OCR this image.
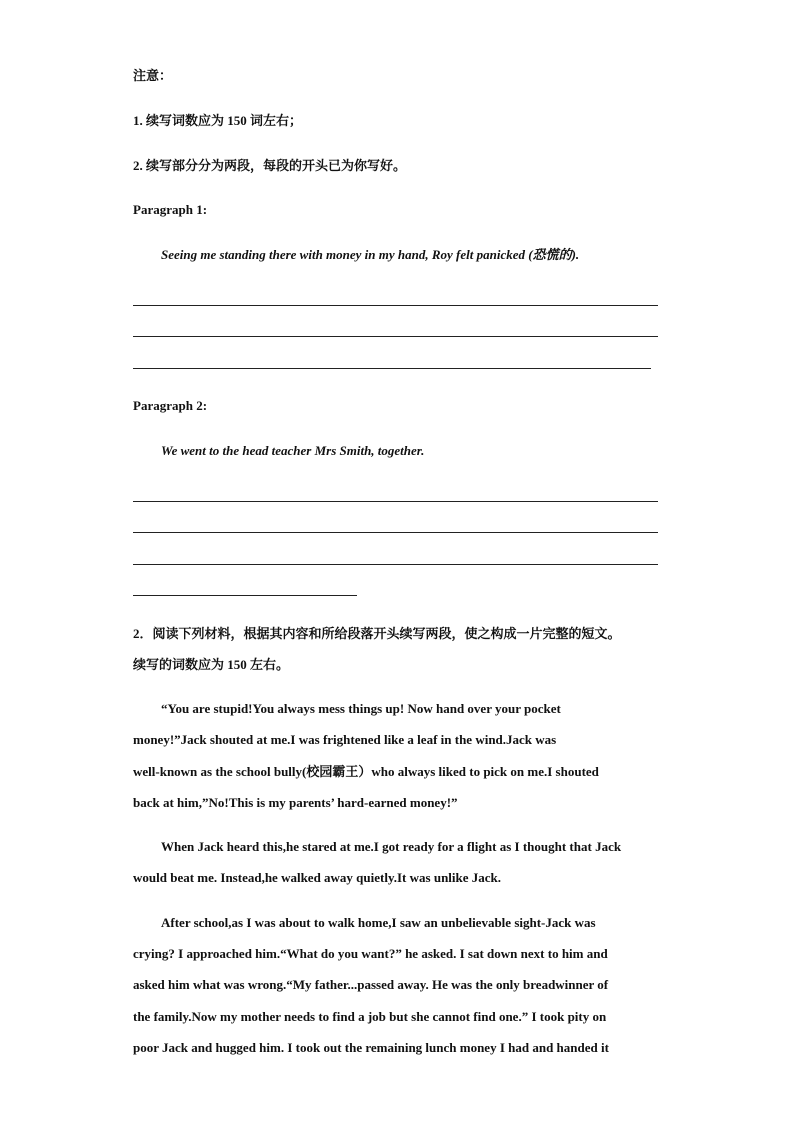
注意：
1. 续写词数应为 150 词左右；
2. 续写部分分为两段，每段的开头已为你写好。
Paragraph 1:
Seeing me standing there with money in my hand, Roy felt panicked (恐慌的).
Paragraph 2:
We went to the head teacher Mrs Smith, together.
2．阅读下列材料，根据其内容和所给段落开头续写两段，使之构成一片完整的短文。
续写的词数应为 150 左右。
“You are stupid!You always mess things up! Now hand over your pocket
money!”Jack shouted at me.I was frightened like a leaf in the wind.Jack was
well-known as the school bully(校园霸王）who always liked to pick on me.I shouted
back at him,”No!This is my parents’ hard-earned money!”
When Jack heard this,he stared at me.I got ready for a flight as I thought that Jack
would beat me. Instead,he walked away quietly.It was unlike Jack.
After school,as I was about to walk home,I saw an unbelievable sight-Jack was
crying? I approached him.“What do you want?” he asked. I sat down next to him and
asked him what was wrong.“My father...passed away. He was the only breadwinner of
the family.Now my mother needs to find a job but she cannot find one.” I took pity on
poor Jack and hugged him. I took out the remaining lunch money I had and handed it
